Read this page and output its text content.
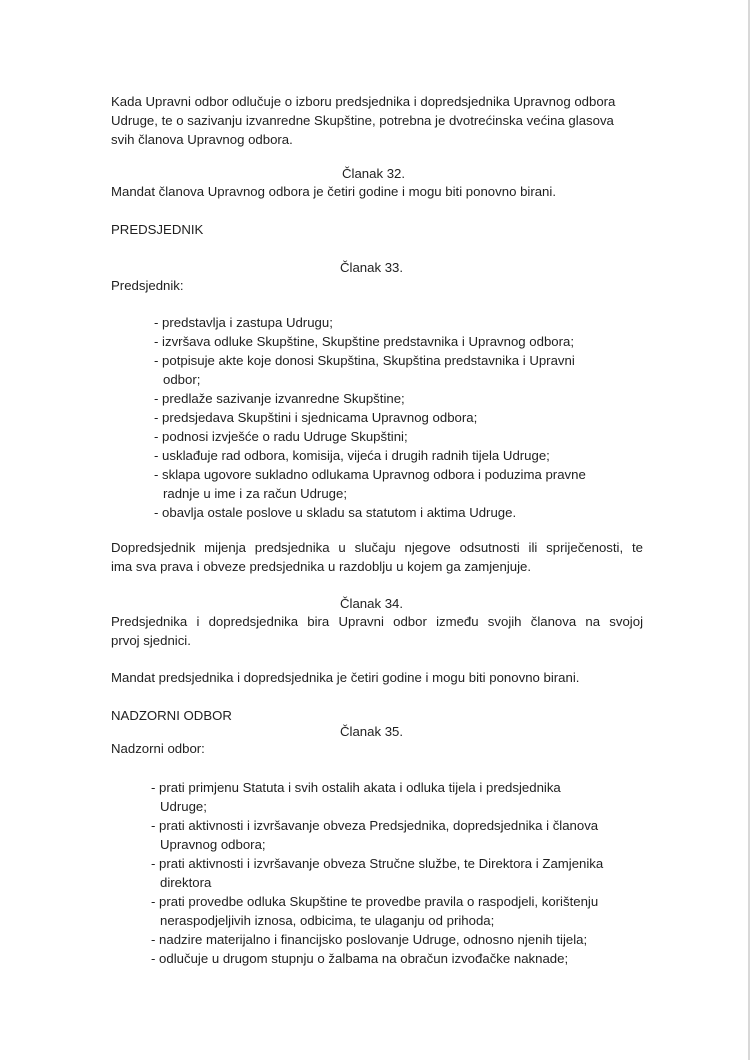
Kada Upravni odbor odlučuje o izboru predsjednika i dopredsjednika Upravnog odbora
Udruge, te o sazivanju izvanredne Skupštine, potrebna je dvotrećinska većina glasova
svih članova Upravnog odbora.
Članak 32.
Mandat članova Upravnog odbora je četiri godine i mogu biti ponovno birani.
PREDSJEDNIK
Članak 33.
Predsjednik:
- predstavlja i zastupa Udrugu;
- izvršava odluke Skupštine, Skupštine predstavnika i Upravnog odbora;
- potpisuje akte koje donosi Skupština, Skupština predstavnika i Upravni
odbor;
- predlaže sazivanje izvanredne Skupštine;
- predsjedava Skupštini i sjednicama Upravnog odbora;
- podnosi izvješće o radu Udruge Skupštini;
- usklađuje rad odbora, komisija, vijeća i drugih radnih tijela Udruge;
- sklapa ugovore sukladno odlukama Upravnog odbora i poduzima pravne
radnje u ime i za račun Udruge;
- obavlja ostale poslove u skladu sa statutom i aktima Udruge.
Dopredsjednik mijenja predsjednika u slučaju njegove odsutnosti ili spriječenosti, te
ima sva prava i obveze predsjednika u razdoblju u kojem ga zamjenjuje.
Članak 34.
Predsjednika i dopredsjednika bira Upravni odbor između svojih članova na svojoj
prvoj sjednici.
Mandat predsjednika i dopredsjednika je četiri godine i mogu biti ponovno birani.
NADZORNI ODBOR
Članak 35.
Nadzorni odbor:
- prati primjenu Statuta i svih ostalih akata i odluka tijela i predsjednika
Udruge;
- prati aktivnosti i izvršavanje obveza Predsjednika, dopredsjednika i članova
Upravnog odbora;
- prati aktivnosti i izvršavanje obveza Stručne službe, te Direktora i Zamjenika
direktora
- prati provedbe odluka Skupštine te provedbe pravila o raspodjeli, korištenju
neraspodjeljivih iznosa, odbicima, te ulaganju od prihoda;
- nadzire materijalno i financijsko poslovanje Udruge, odnosno njenih tijela;
- odlučuje u drugom stupnju o žalbama na obračun izvođačke naknade;
